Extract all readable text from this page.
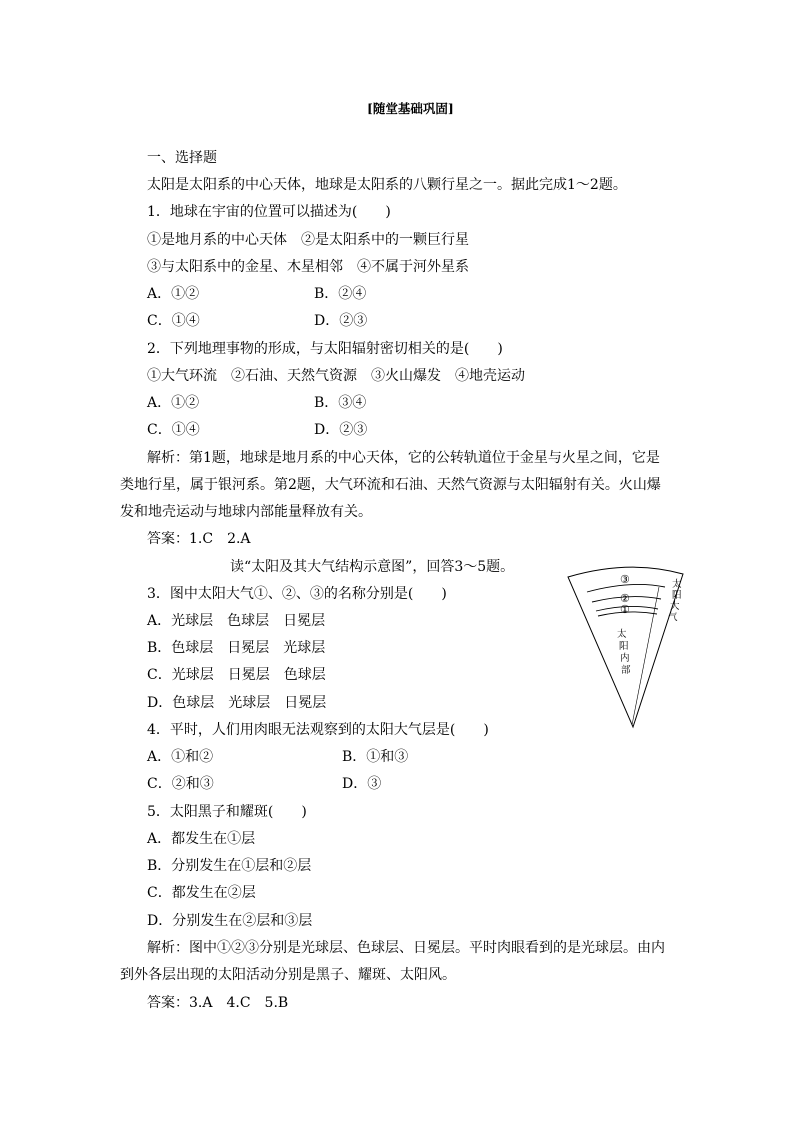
[随堂基础巩固]
一、选择题
太阳是太阳系的中心天体，地球是太阳系的八颗行星之一。据此完成1～2题。
1．地球在宇宙的位置可以描述为(　　)
①是地月系的中心天体　②是太阳系中的一颗巨行星
③与太阳系中的金星、木星相邻　④不属于河外星系
A．①②	B．②④
C．①④	D．②③
2．下列地理事物的形成，与太阳辐射密切相关的是(　　)
①大气环流　②石油、天然气资源　③火山爆发　④地壳运动
A．①②	B．③④
C．①④	D．②③
解析：第1题，地球是地月系的中心天体，它的公转轨道位于金星与火星之间，它是
类地行星，属于银河系。第2题，大气环流和石油、天然气资源与太阳辐射有关。火山爆
发和地壳运动与地球内部能量释放有关。
答案：1.C　2.A
读“太阳及其大气结构示意图”，回答3～5题。
3．图中太阳大气①、②、③的名称分别是(　　)
A．光球层　色球层　日冕层
B．色球层　日冕层　光球层
C．光球层　日冕层　色球层
D．色球层　光球层　日冕层
4．平时，人们用肉眼无法观察到的太阳大气层是(　　)
A．①和②	B．①和③
C．②和③	D．③
5．太阳黑子和耀斑(　　)
A．都发生在①层
B．分别发生在①层和②层
C．都发生在②层
D．分别发生在②层和③层
解析：图中①②③分别是光球层、色球层、日冕层。平时肉眼看到的是光球层。由内
到外各层出现的太阳活动分别是黑子、耀斑、太阳风。
答案：3.A　4.C　5.B
③
②
①
太
阳
大
气
太
阳
内
部
